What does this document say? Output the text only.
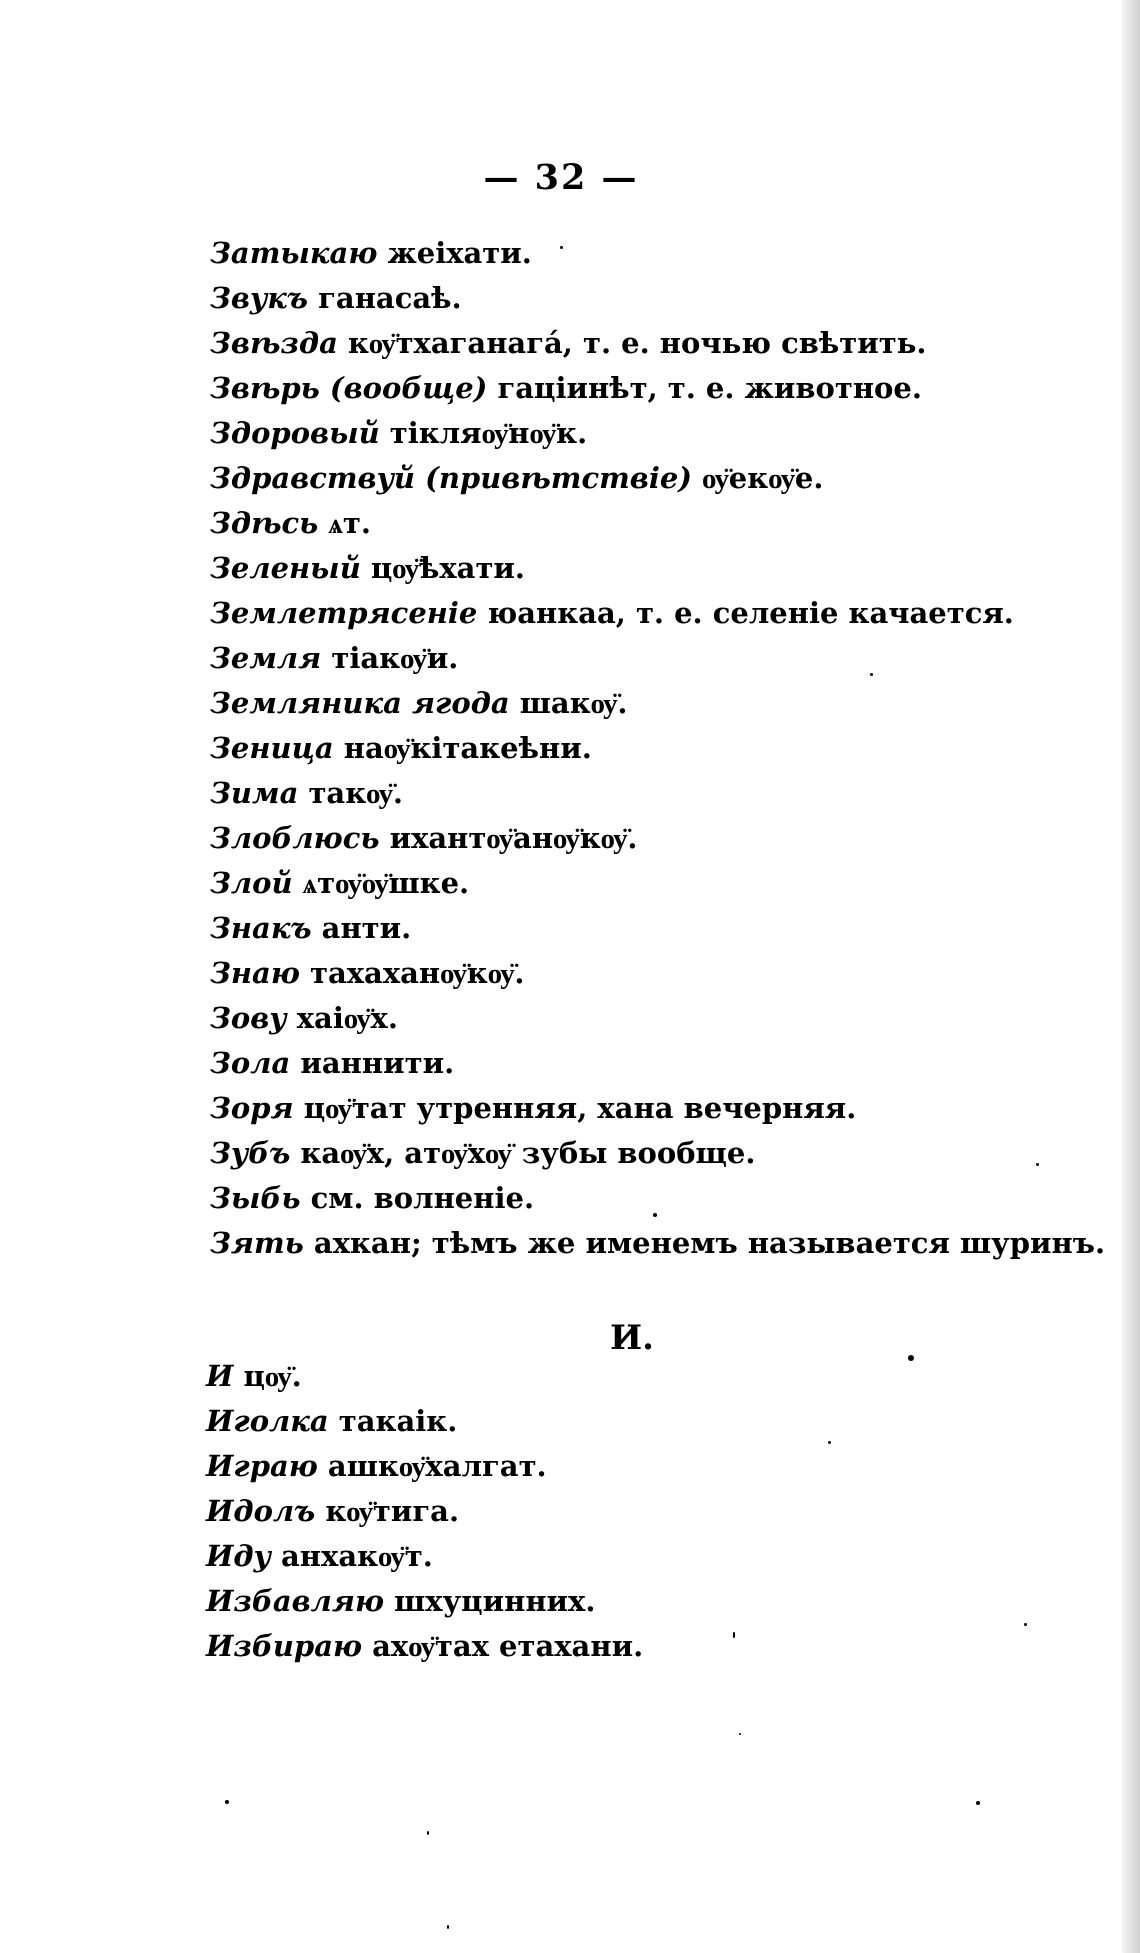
— 32 —
Затыкаю жеіхати.
Звукъ ганасаѣ.
Звѣзда кѹ̈тхаганага́, т. е. ночью свѣтить.
Звѣрь (вообще) гаціинѣт, т. е. животное.
Здоровый тікляѹ̈нѹ̈к.
Здравствуй (привѣтствіе) ѹ̈екѹ̈е.
Здѣсь ѧт.
Зеленый цѹ̈ѣхати.
Землетрясеніе юанкаа, т. е. селеніе качается.
Земля тіакѹ̈и.
Земляника ягода шакѹ̈.
Зеница наѹ̈кітакеѣни.
Зима такѹ̈.
Злоблюсь ихантѹ̈анѹ̈кѹ̈.
Злой ѧтѹ̈ѹ̈шке.
Знакъ анти.
Знаю тахаханѹ̈кѹ̈.
Зову хаіѹ̈х.
Зола ианнити.
Зоря цѹ̈тат утренняя, хана вечерняя.
Зубъ каѹ̈х, атѹ̈хѹ̈ зубы вообще.
Зыбь см. волненіе.
Зять ахкан; тѣмъ же именемъ называется шуринъ.
И.
И цѹ̈.
Иголка такаік.
Играю ашкѹ̈халгат.
Идолъ кѹ̈тига.
Иду анхакѹ̈т.
Избавляю шхуцинних.
Избираю ахѹ̈тах етахани.
